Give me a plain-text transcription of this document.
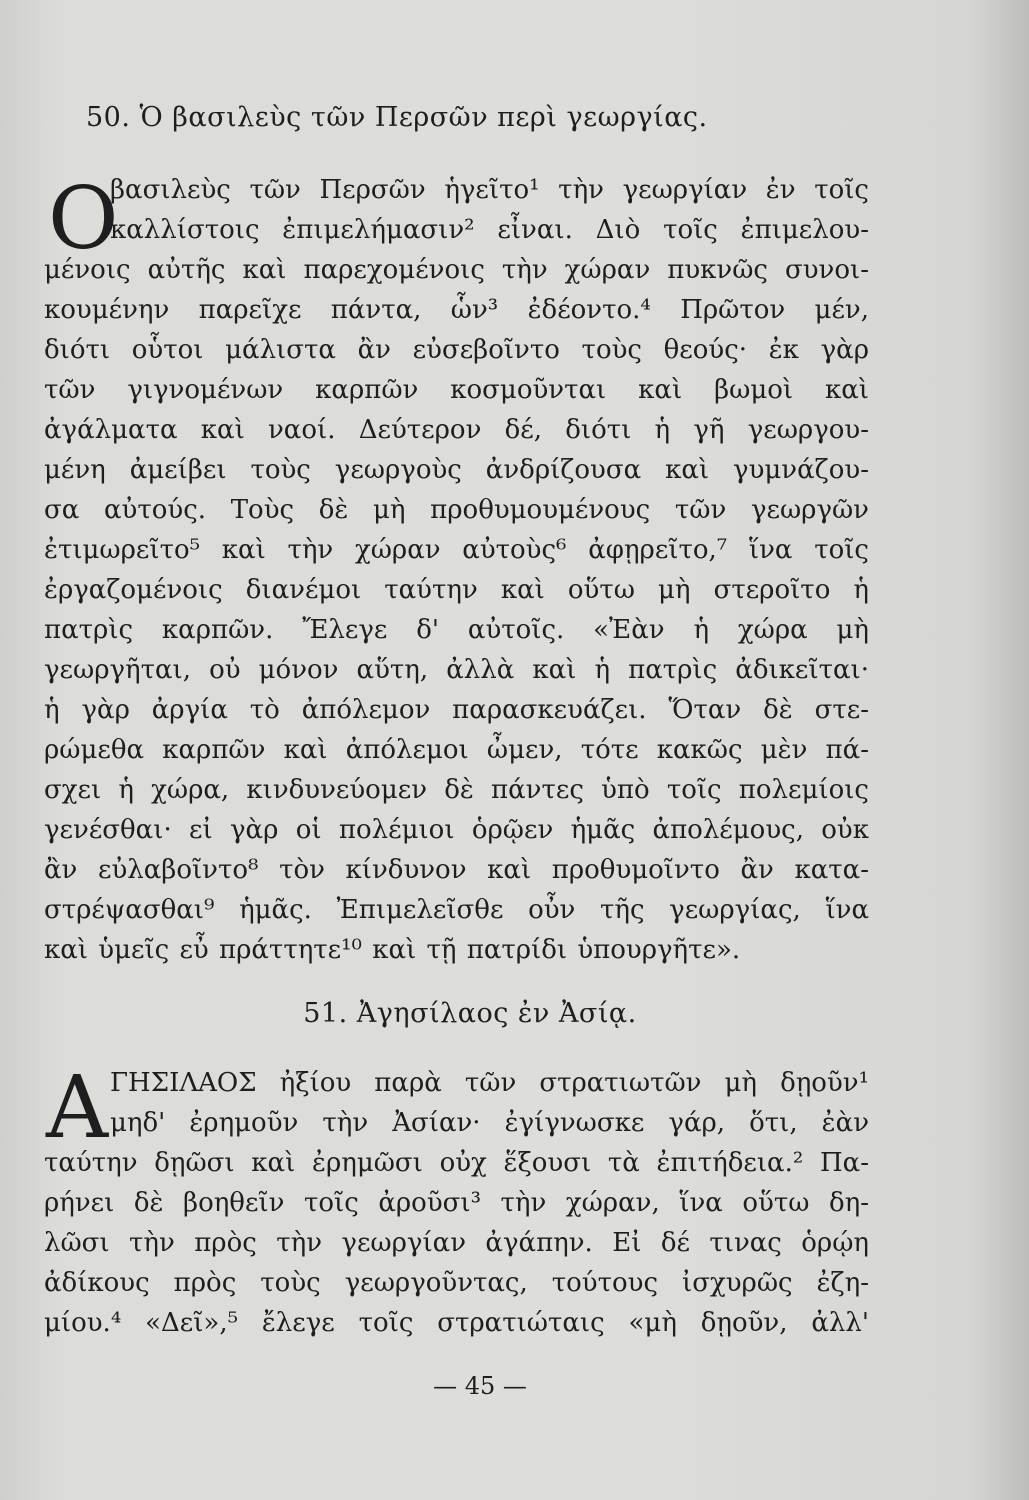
50. Ὁ βασιλεὺς τῶν Περσῶν περὶ γεωργίας.
Ο
βασιλεὺς τῶν Περσῶν ἡγεῖτο¹ τὴν γεωργίαν ἐν τοῖς
καλλίστοις ἐπιμελήμασιν² εἶναι. Διὸ τοῖς ἐπιμελου-
μένοις αὐτῆς καὶ παρεχομένοις τὴν χώραν πυκνῶς συνοι-
κουμένην παρεῖχε πάντα, ὧν³ ἐδέοντο.⁴ Πρῶτον μέν,
διότι οὗτοι μάλιστα ἂν εὐσεβοῖντο τοὺς θεούς· ἐκ γὰρ
τῶν γιγνομένων καρπῶν κοσμοῦνται καὶ βωμοὶ καὶ
ἀγάλματα καὶ ναοί. Δεύτερον δέ, διότι ἡ γῆ γεωργου-
μένη ἀμείβει τοὺς γεωργοὺς ἀνδρίζουσα καὶ γυμνάζου-
σα αὐτούς. Τοὺς δὲ μὴ προθυμουμένους τῶν γεωργῶν
ἐτιμωρεῖτο⁵ καὶ τὴν χώραν αὐτοὺς⁶ ἀφῃρεῖτο,⁷ ἵνα τοῖς
ἐργαζομένοις διανέμοι ταύτην καὶ οὕτω μὴ στεροῖτο ἡ
πατρὶς καρπῶν. Ἔλεγε δ' αὐτοῖς. «Ἐὰν ἡ χώρα μὴ
γεωργῆται, οὐ μόνον αὕτη, ἀλλὰ καὶ ἡ πατρὶς ἀδικεῖται·
ἡ γὰρ ἀργία τὸ ἀπόλεμον παρασκευάζει. Ὅταν δὲ στε-
ρώμεθα καρπῶν καὶ ἀπόλεμοι ὦμεν, τότε κακῶς μὲν πά-
σχει ἡ χώρα, κινδυνεύομεν δὲ πάντες ὑπὸ τοῖς πολεμίοις
γενέσθαι· εἰ γὰρ οἱ πολέμιοι ὁρῷεν ἡμᾶς ἀπολέμους, οὐκ
ἂν εὐλαβοῖντο⁸ τὸν κίνδυνον καὶ προθυμοῖντο ἂν κατα-
στρέψασθαι⁹ ἡμᾶς. Ἐπιμελεῖσθε οὖν τῆς γεωργίας, ἵνα
καὶ ὑμεῖς εὖ πράττητε¹⁰ καὶ τῇ πατρίδι ὑπουργῆτε».
51. Ἀγησίλαος ἐν Ἀσίᾳ.
Α ΓΗΣΙΛΑΟΣ ἠξίου παρὰ τῶν στρατιωτῶν μὴ δῃοῦν¹
μηδ' ἐρημοῦν τὴν Ἀσίαν· ἐγίγνωσκε γάρ, ὅτι, ἐὰν
ταύτην δῃῶσι καὶ ἐρημῶσι οὐχ ἕξουσι τὰ ἐπιτήδεια.² Πα-
ρήνει δὲ βοηθεῖν τοῖς ἀροῦσι³ τὴν χώραν, ἵνα οὕτω δη-
λῶσι τὴν πρὸς τὴν γεωργίαν ἀγάπην. Εἰ δέ τινας ὁρῴη
ἀδίκους πρὸς τοὺς γεωργοῦντας, τούτους ἰσχυρῶς ἐζη-
μίου.⁴ «Δεῖ»,⁵ ἔλεγε τοῖς στρατιώταις «μὴ δῃοῦν, ἀλλ'
— 45 —
